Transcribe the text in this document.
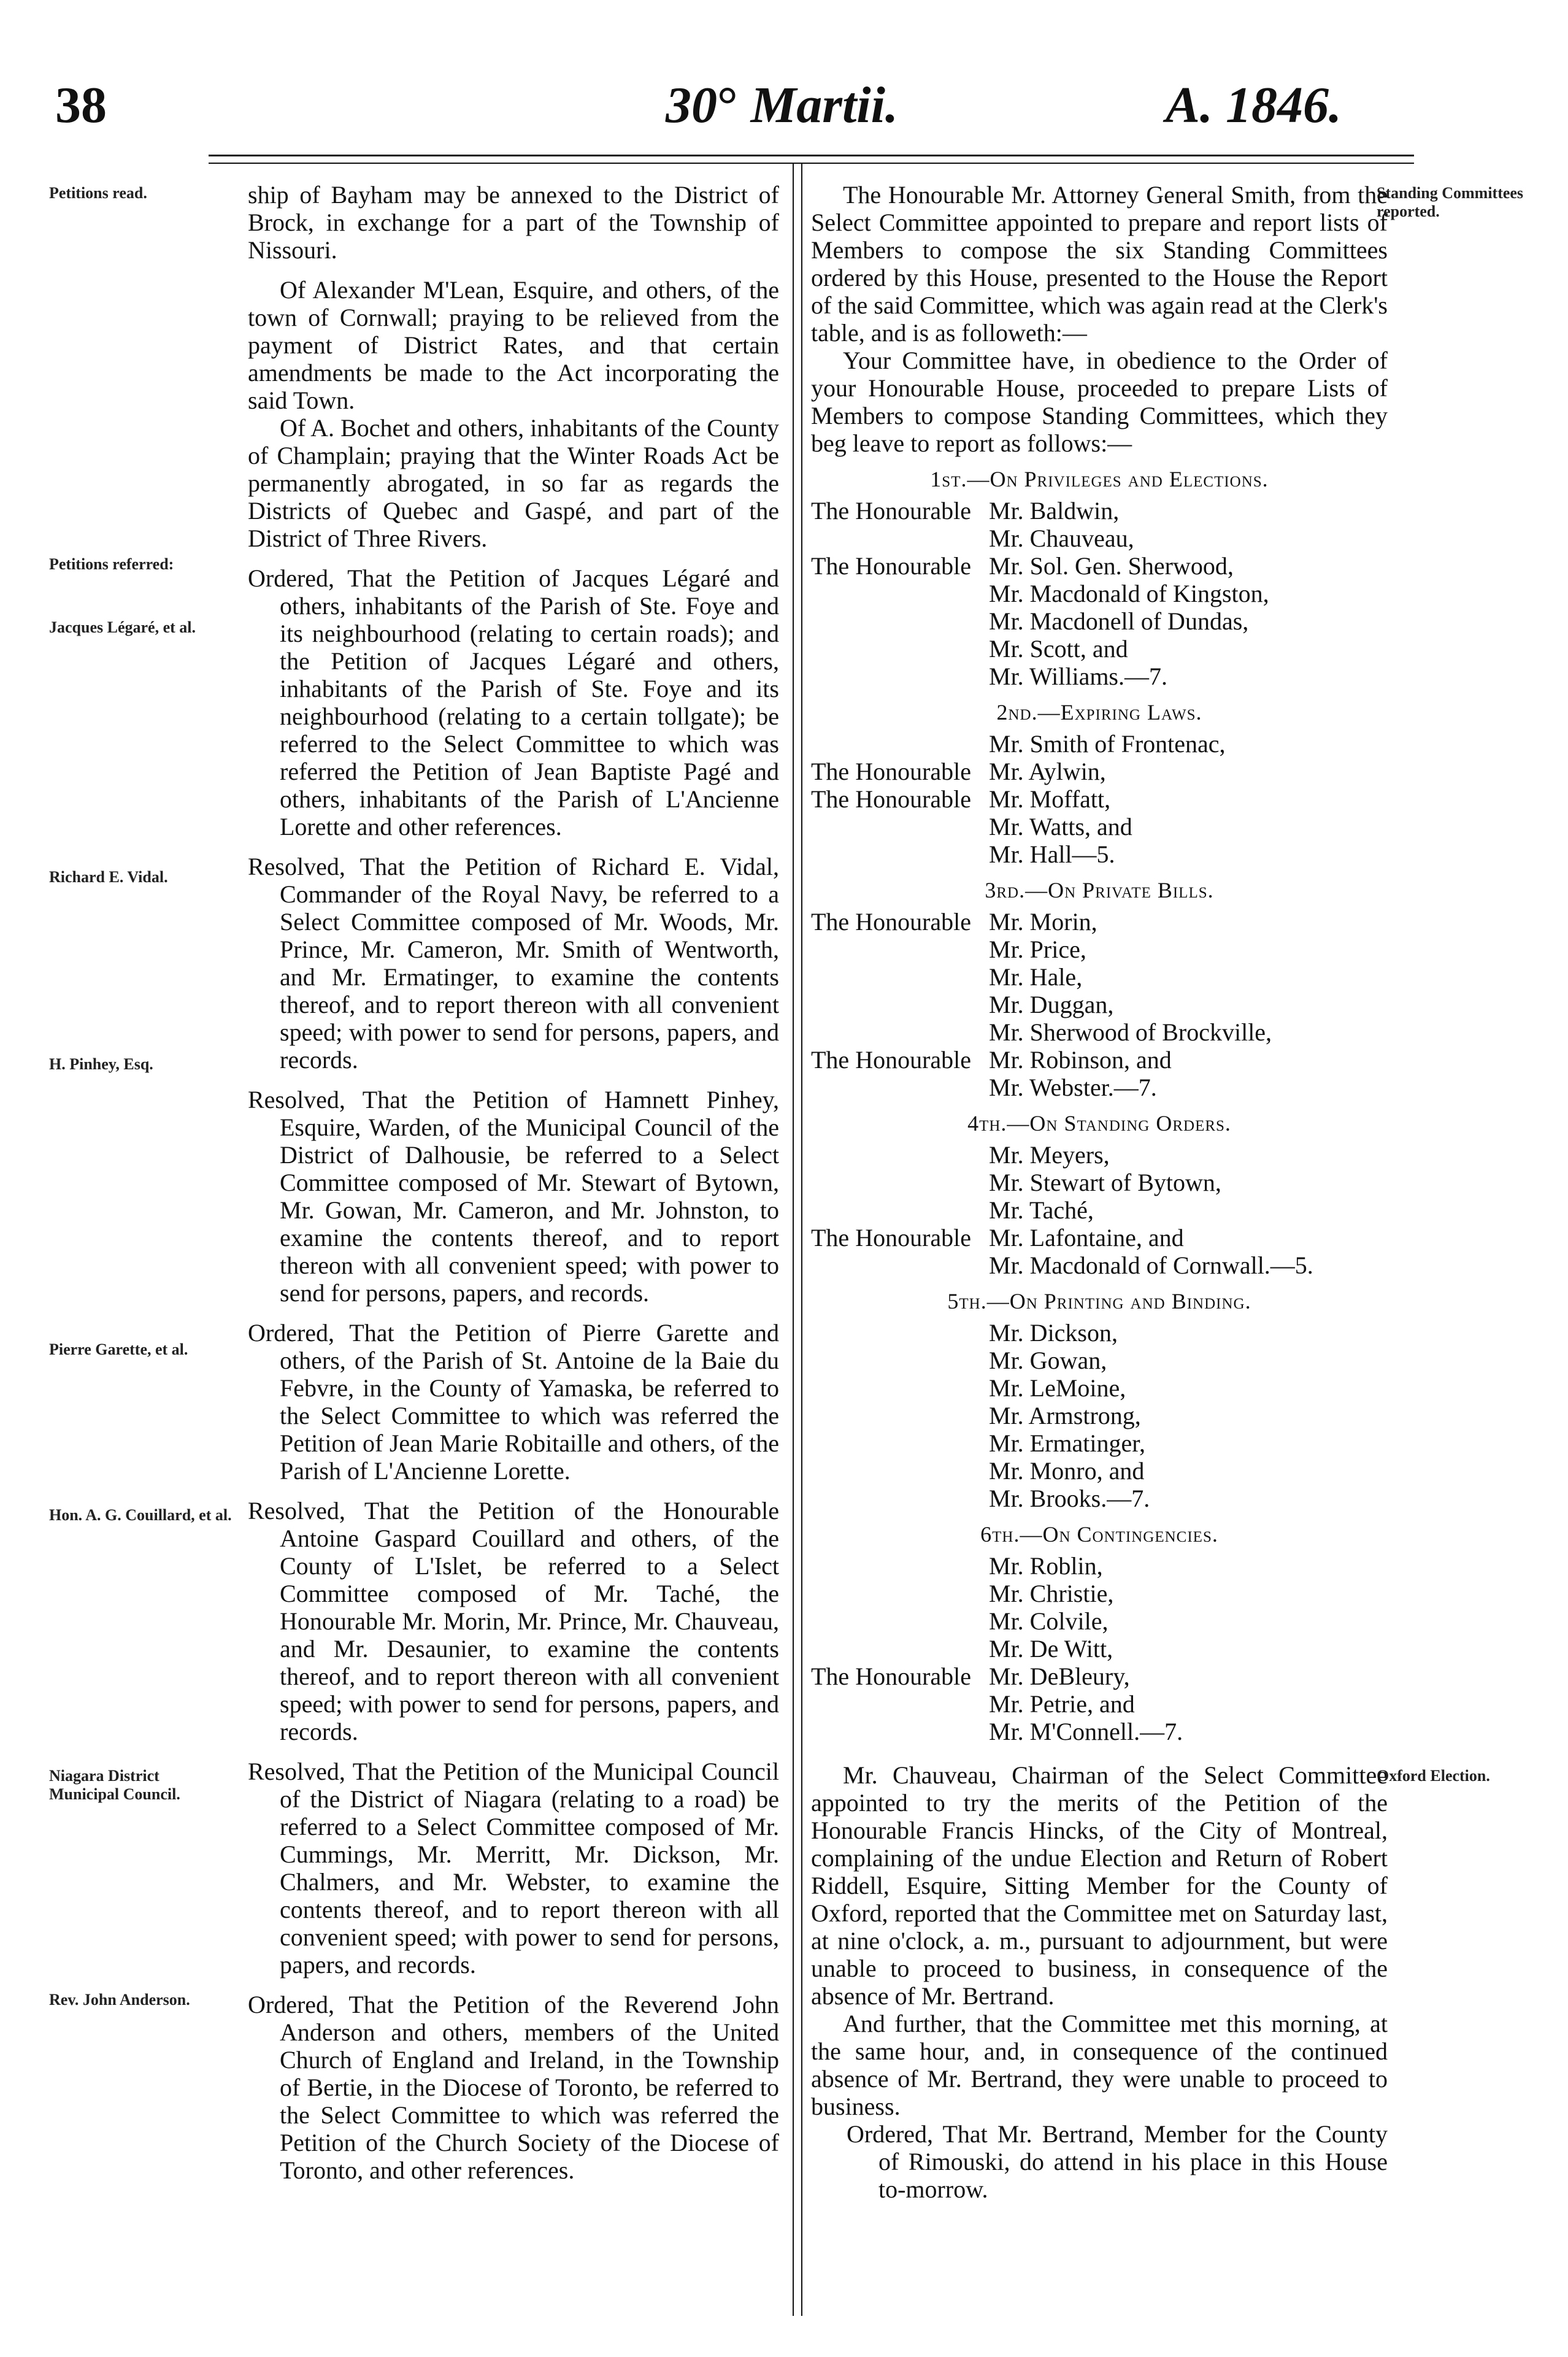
38	30° Martii.	A. 1846.
Petitions read.
Petitions referred:
Jacques Légaré, et al.
Richard E. Vidal.
H. Pinhey, Esq.
Pierre Garette, et al.
Hon. A. G. Couillard, et al.
Niagara District Municipal Council.
Rev. John Anderson.
Standing Committees reported.
Oxford Election.

ship of Bayham may be annexed to the District of Brock, in exchange for a part of the Township of Nissouri.

Of Alexander M'Lean, Esquire, and others, of the town of Cornwall; praying to be relieved from the payment of District Rates, and that certain amendments be made to the Act incorporating the said Town.

Of A. Bochet and others, inhabitants of the County of Champlain; praying that the Winter Roads Act be permanently abrogated, in so far as regards the Districts of Quebec and Gaspé, and part of the District of Three Rivers.

Ordered, That the Petition of Jacques Légaré and others, inhabitants of the Parish of Ste. Foye and its neighbourhood (relating to certain roads); and the Petition of Jacques Légaré and others, inhabitants of the Parish of Ste. Foye and its neighbourhood (relating to a certain tollgate); be referred to the Select Committee to which was referred the Petition of Jean Baptiste Pagé and others, inhabitants of the Parish of L'Ancienne Lorette and other references.

Resolved, That the Petition of Richard E. Vidal, Commander of the Royal Navy, be referred to a Select Committee composed of Mr. Woods, Mr. Prince, Mr. Cameron, Mr. Smith of Wentworth, and Mr. Ermatinger, to examine the contents thereof, and to report thereon with all convenient speed; with power to send for persons, papers, and records.

Resolved, That the Petition of Hamnett Pinhey, Esquire, Warden, of the Municipal Council of the District of Dalhousie, be referred to a Select Committee composed of Mr. Stewart of Bytown, Mr. Gowan, Mr. Cameron, and Mr. Johnston, to examine the contents thereof, and to report thereon with all convenient speed; with power to send for persons, papers, and records.

Ordered, That the Petition of Pierre Garette and others, of the Parish of St. Antoine de la Baie du Febvre, in the County of Yamaska, be referred to the Select Committee to which was referred the Petition of Jean Marie Robitaille and others, of the Parish of L'Ancienne Lorette.

Resolved, That the Petition of the Honourable Antoine Gaspard Couillard and others, of the County of L'Islet, be referred to a Select Committee composed of Mr. Taché, the Honourable Mr. Morin, Mr. Prince, Mr. Chauveau, and Mr. Desaunier, to examine the contents thereof, and to report thereon with all convenient speed; with power to send for persons, papers, and records.

Resolved, That the Petition of the Municipal Council of the District of Niagara (relating to a road) be referred to a Select Committee composed of Mr. Cummings, Mr. Merritt, Mr. Dickson, Mr. Chalmers, and Mr. Webster, to examine the contents thereof, and to report thereon with all convenient speed; with power to send for persons, papers, and records.

Ordered, That the Petition of the Reverend John Anderson and others, members of the United Church of England and Ireland, in the Township of Bertie, in the Diocese of Toronto, be referred to the Select Committee to which was referred the Petition of the Church Society of the Diocese of Toronto, and other references.

The Honourable Mr. Attorney General Smith, from the Select Committee appointed to prepare and report lists of Members to compose the six Standing Committees ordered by this House, presented to the House the Report of the said Committee, which was again read at the Clerk's table, and is as followeth:—

Your Committee have, in obedience to the Order of your Honourable House, proceeded to prepare Lists of Members to compose Standing Committees, which they beg leave to report as follows:—

1st.—On Privileges and Elections.
The Honourable Mr. Baldwin,
Mr. Chauveau,
The Honourable Mr. Sol. Gen. Sherwood,
Mr. Macdonald of Kingston,
Mr. Macdonell of Dundas,
Mr. Scott, and
Mr. Williams.—7.
2nd.—Expiring Laws.
Mr. Smith of Frontenac,
The Honourable Mr. Aylwin,
The Honourable Mr. Moffatt,
Mr. Watts, and
Mr. Hall—5.
3rd.—On Private Bills.
The Honourable Mr. Morin,
Mr. Price,
Mr. Hale,
Mr. Duggan,
Mr. Sherwood of Brockville,
The Honourable Mr. Robinson, and
Mr. Webster.—7.
4th.—On Standing Orders.
Mr. Meyers,
Mr. Stewart of Bytown,
Mr. Taché,
The Honourable Mr. Lafontaine, and
Mr. Macdonald of Cornwall.—5.
5th.—On Printing and Binding.
Mr. Dickson,
Mr. Gowan,
Mr. LeMoine,
Mr. Armstrong,
Mr. Ermatinger,
Mr. Monro, and
Mr. Brooks.—7.
6th.—On Contingencies.
Mr. Roblin,
Mr. Christie,
Mr. Colvile,
Mr. De Witt,
The Honourable Mr. DeBleury,
Mr. Petrie, and
Mr. M'Connell.—7.

Mr. Chauveau, Chairman of the Select Committee appointed to try the merits of the Petition of the Honourable Francis Hincks, of the City of Montreal, complaining of the undue Election and Return of Robert Riddell, Esquire, Sitting Member for the County of Oxford, reported that the Committee met on Saturday last, at nine o'clock, a. m., pursuant to adjournment, but were unable to proceed to business, in consequence of the absence of Mr. Bertrand.

And further, that the Committee met this morning, at the same hour, and, in consequence of the continued absence of Mr. Bertrand, they were unable to proceed to business.

Ordered, That Mr. Bertrand, Member for the County of Rimouski, do attend in his place in this House to-morrow.
